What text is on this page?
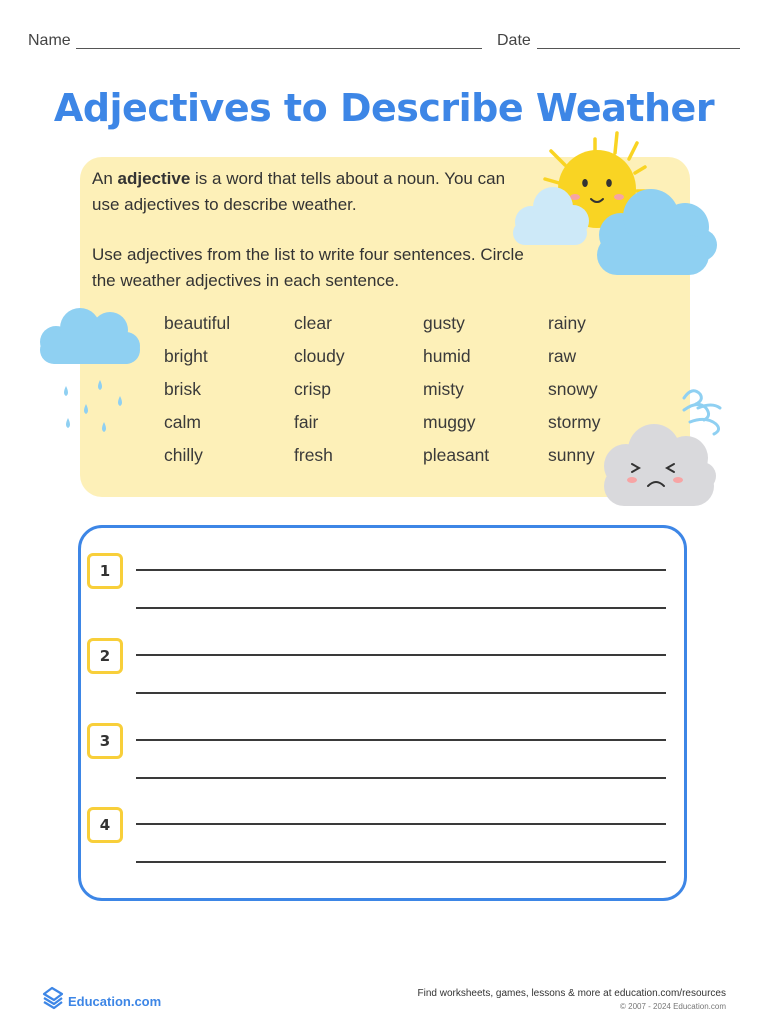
Name	Date
Adjectives to Describe Weather

An adjective is a word that tells about a noun. You can use adjectives to describe weather.

Use adjectives from the list to write four sentences. Circle the weather adjectives in each sentence.

beautiful
bright
brisk
calm
chilly
clear
cloudy
crisp
fair
fresh
gusty
humid
misty
muggy
pleasant
rainy
raw
snowy
stormy
sunny
1
2
3
4
Education.com
Find worksheets, games, lessons & more at education.com/resources
© 2007 - 2024 Education.com
